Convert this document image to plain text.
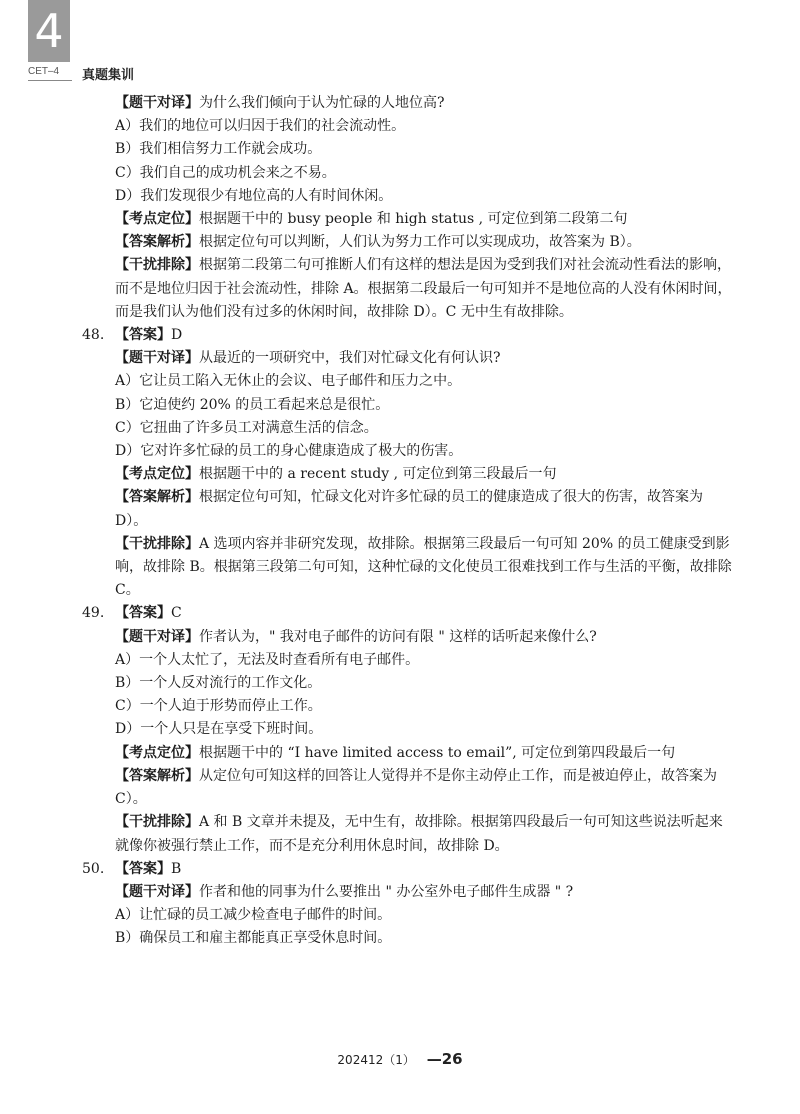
4
CET–4 真题集训

【题干对译】为什么我们倾向于认为忙碌的人地位高?

A）我们的地位可以归因于我们的社会流动性。

B）我们相信努力工作就会成功。

C）我们自己的成功机会来之不易。

D）我们发现很少有地位高的人有时间休闲。

【考点定位】根据题干中的 busy people 和 high status , 可定位到第二段第二句

【答案解析】根据定位句可以判断，人们认为努力工作可以实现成功，故答案为 B）。

【干扰排除】根据第二段第二句可推断人们有这样的想法是因为受到我们对社会流动性看法的影响，而不是地位归因于社会流动性，排除 A。根据第二段最后一句可知并不是地位高的人没有休闲时间，而是我们认为他们没有过多的休闲时间，故排除 D）。C 无中生有故排除。

48. 【答案】D

【题干对译】从最近的一项研究中，我们对忙碌文化有何认识?

A）它让员工陷入无休止的会议、电子邮件和压力之中。

B）它迫使约 20% 的员工看起来总是很忙。

C）它扭曲了许多员工对满意生活的信念。

D）它对许多忙碌的员工的身心健康造成了极大的伤害。

【考点定位】根据题干中的 a recent study , 可定位到第三段最后一句

【答案解析】根据定位句可知，忙碌文化对许多忙碌的员工的健康造成了很大的伤害，故答案为 D）。

【干扰排除】A 选项内容并非研究发现，故排除。根据第三段最后一句可知 20% 的员工健康受到影响，故排除 B。根据第三段第二句可知，这种忙碌的文化使员工很难找到工作与生活的平衡，故排除 C。

49. 【答案】C

【题干对译】作者认为，" 我对电子邮件的访问有限 " 这样的话听起来像什么?

A）一个人太忙了，无法及时查看所有电子邮件。

B）一个人反对流行的工作文化。

C）一个人迫于形势而停止工作。

D）一个人只是在享受下班时间。

【考点定位】根据题干中的 “I have limited access to email”, 可定位到第四段最后一句

【答案解析】从定位句可知这样的回答让人觉得并不是你主动停止工作，而是被迫停止，故答案为 C）。

【干扰排除】A 和 B 文章并未提及，无中生有，故排除。根据第四段最后一句可知这些说法听起来就像你被强行禁止工作，而不是充分利用休息时间，故排除 D。

50. 【答案】B

【题干对译】作者和他的同事为什么要推出 " 办公室外电子邮件生成器 " ?

A）让忙碌的员工减少检查电子邮件的时间。

B）确保员工和雇主都能真正享受休息时间。

202412（1） —26
